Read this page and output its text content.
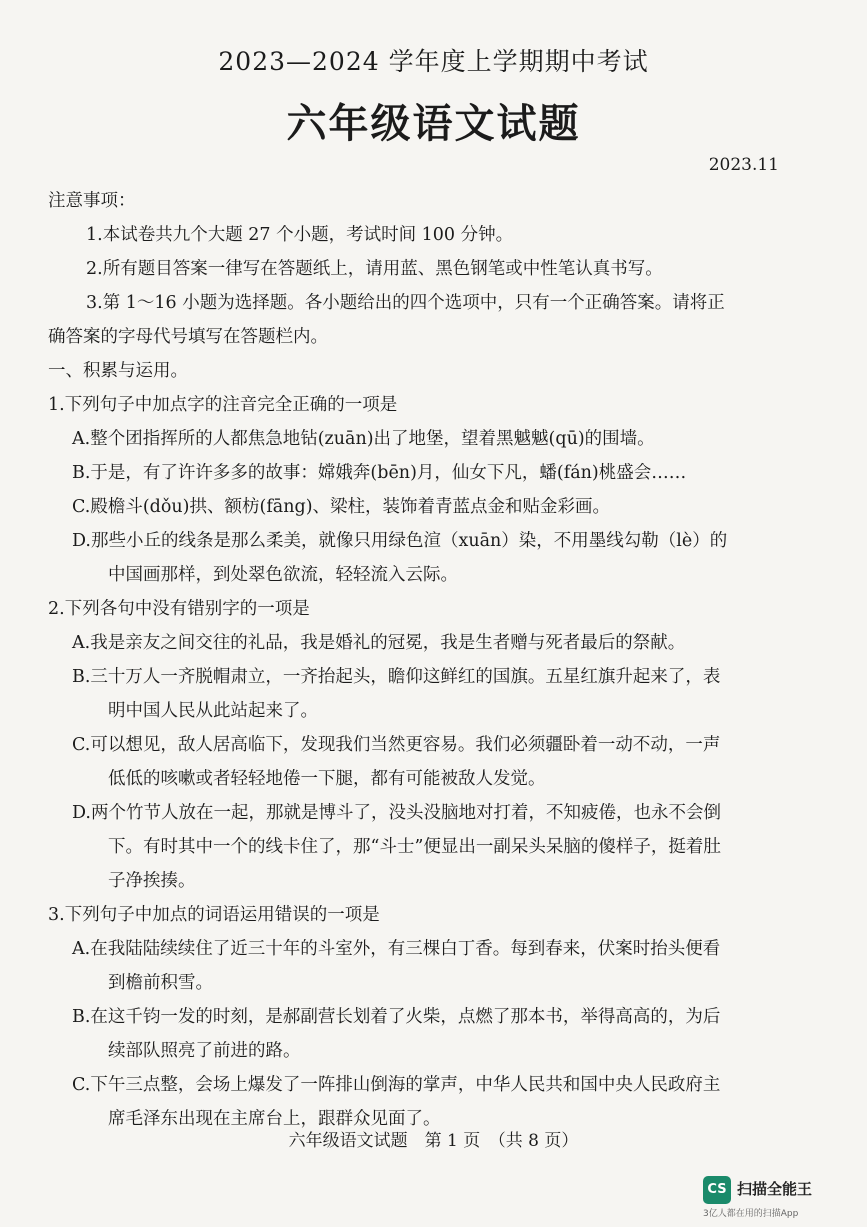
2023—2024 学年度上学期期中考试
六年级语文试题
2023.11
注意事项：
1.本试卷共九个大题 27 个小题，考试时间 100 分钟。
2.所有题目答案一律写在答题纸上，请用蓝、黑色钢笔或中性笔认真书写。
3.第 1～16 小题为选择题。各小题给出的四个选项中，只有一个正确答案。请将正
确答案的字母代号填写在答题栏内。
一、积累与运用。
1.下列句子中加点字的注音完全正确的一项是
A.整个团指挥所的人都焦急地钻(zuān)出了地堡，望着黑魆魆(qū)的围墙。
B.于是，有了许许多多的故事：嫦娥奔(bēn)月，仙女下凡，蟠(fán)桃盛会……
C.殿檐斗(dǒu)拱、额枋(fāng)、梁柱，装饰着青蓝点金和贴金彩画。
D.那些小丘的线条是那么柔美，就像只用绿色渲（xuān）染，不用墨线勾勒（lè）的
中国画那样，到处翠色欲流，轻轻流入云际。
2.下列各句中没有错别字的一项是
A.我是亲友之间交往的礼品，我是婚礼的冠冕，我是生者赠与死者最后的祭献。
B.三十万人一齐脱帽肃立，一齐抬起头，瞻仰这鲜红的国旗。五星红旗升起来了，表
明中国人民从此站起来了。
C.可以想见，敌人居高临下，发现我们当然更容易。我们必须疆卧着一动不动，一声
低低的咳嗽或者轻轻地倦一下腿，都有可能被敌人发觉。
D.两个竹节人放在一起，那就是博斗了，没头没脑地对打着，不知疲倦，也永不会倒
下。有时其中一个的线卡住了，那“斗士”便显出一副呆头呆脑的傻样子，挺着肚
子净挨揍。
3.下列句子中加点的词语运用错误的一项是
A.在我陆陆续续住了近三十年的斗室外，有三棵白丁香。每到春来，伏案时抬头便看
到檐前积雪。
B.在这千钧一发的时刻，是郝副营长划着了火柴，点燃了那本书，举得高高的，为后
续部队照亮了前进的路。
C.下午三点整，会场上爆发了一阵排山倒海的掌声，中华人民共和国中央人民政府主
席毛泽东出现在主席台上，跟群众见面了。
六年级语文试题　第 1 页　（共 8 页）
CS 扫描全能王
3亿人都在用的扫描App
